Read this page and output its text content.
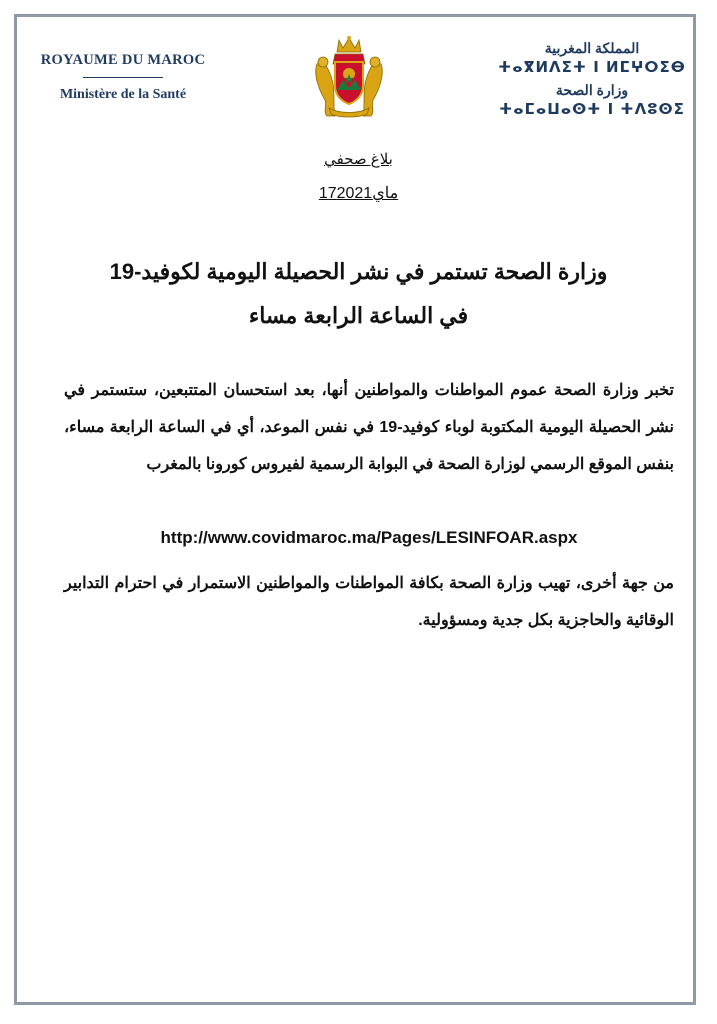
ROYAUME DU MAROC
Ministère de la Santé
المملكة المغربية
ⵜⴰⴳⵍⴷⵉⵜ ⵏ ⵍⵎⵖⵔⵉⴱ
وزارة الصحة
ⵜⴰⵎⴰⵡⴰⵙⵜ ⵏ ⵜⴷⵓⵙⵉ
بلاغ صحفي
17ماي2021
وزارة الصحة تستمر في نشر الحصيلة اليومية لكوفيد-19
في الساعة الرابعة مساء
تخبر وزارة الصحة عموم المواطنات والمواطنين أنها، بعد استحسان المتتبعين، ستستمر في نشر الحصيلة اليومية المكتوبة لوباء كوفيد-19 في نفس الموعد، أي في الساعة الرابعة مساء، بنفس الموقع الرسمي لوزارة الصحة في البوابة الرسمية لفيروس كورونا بالمغرب
http://www.covidmaroc.ma/Pages/LESINFOAR.aspx
من جهة أخرى، تهيب وزارة الصحة بكافة المواطنات والمواطنين الاستمرار في احترام التدابير الوقائية والحاجزية بكل جدية ومسؤولية.
